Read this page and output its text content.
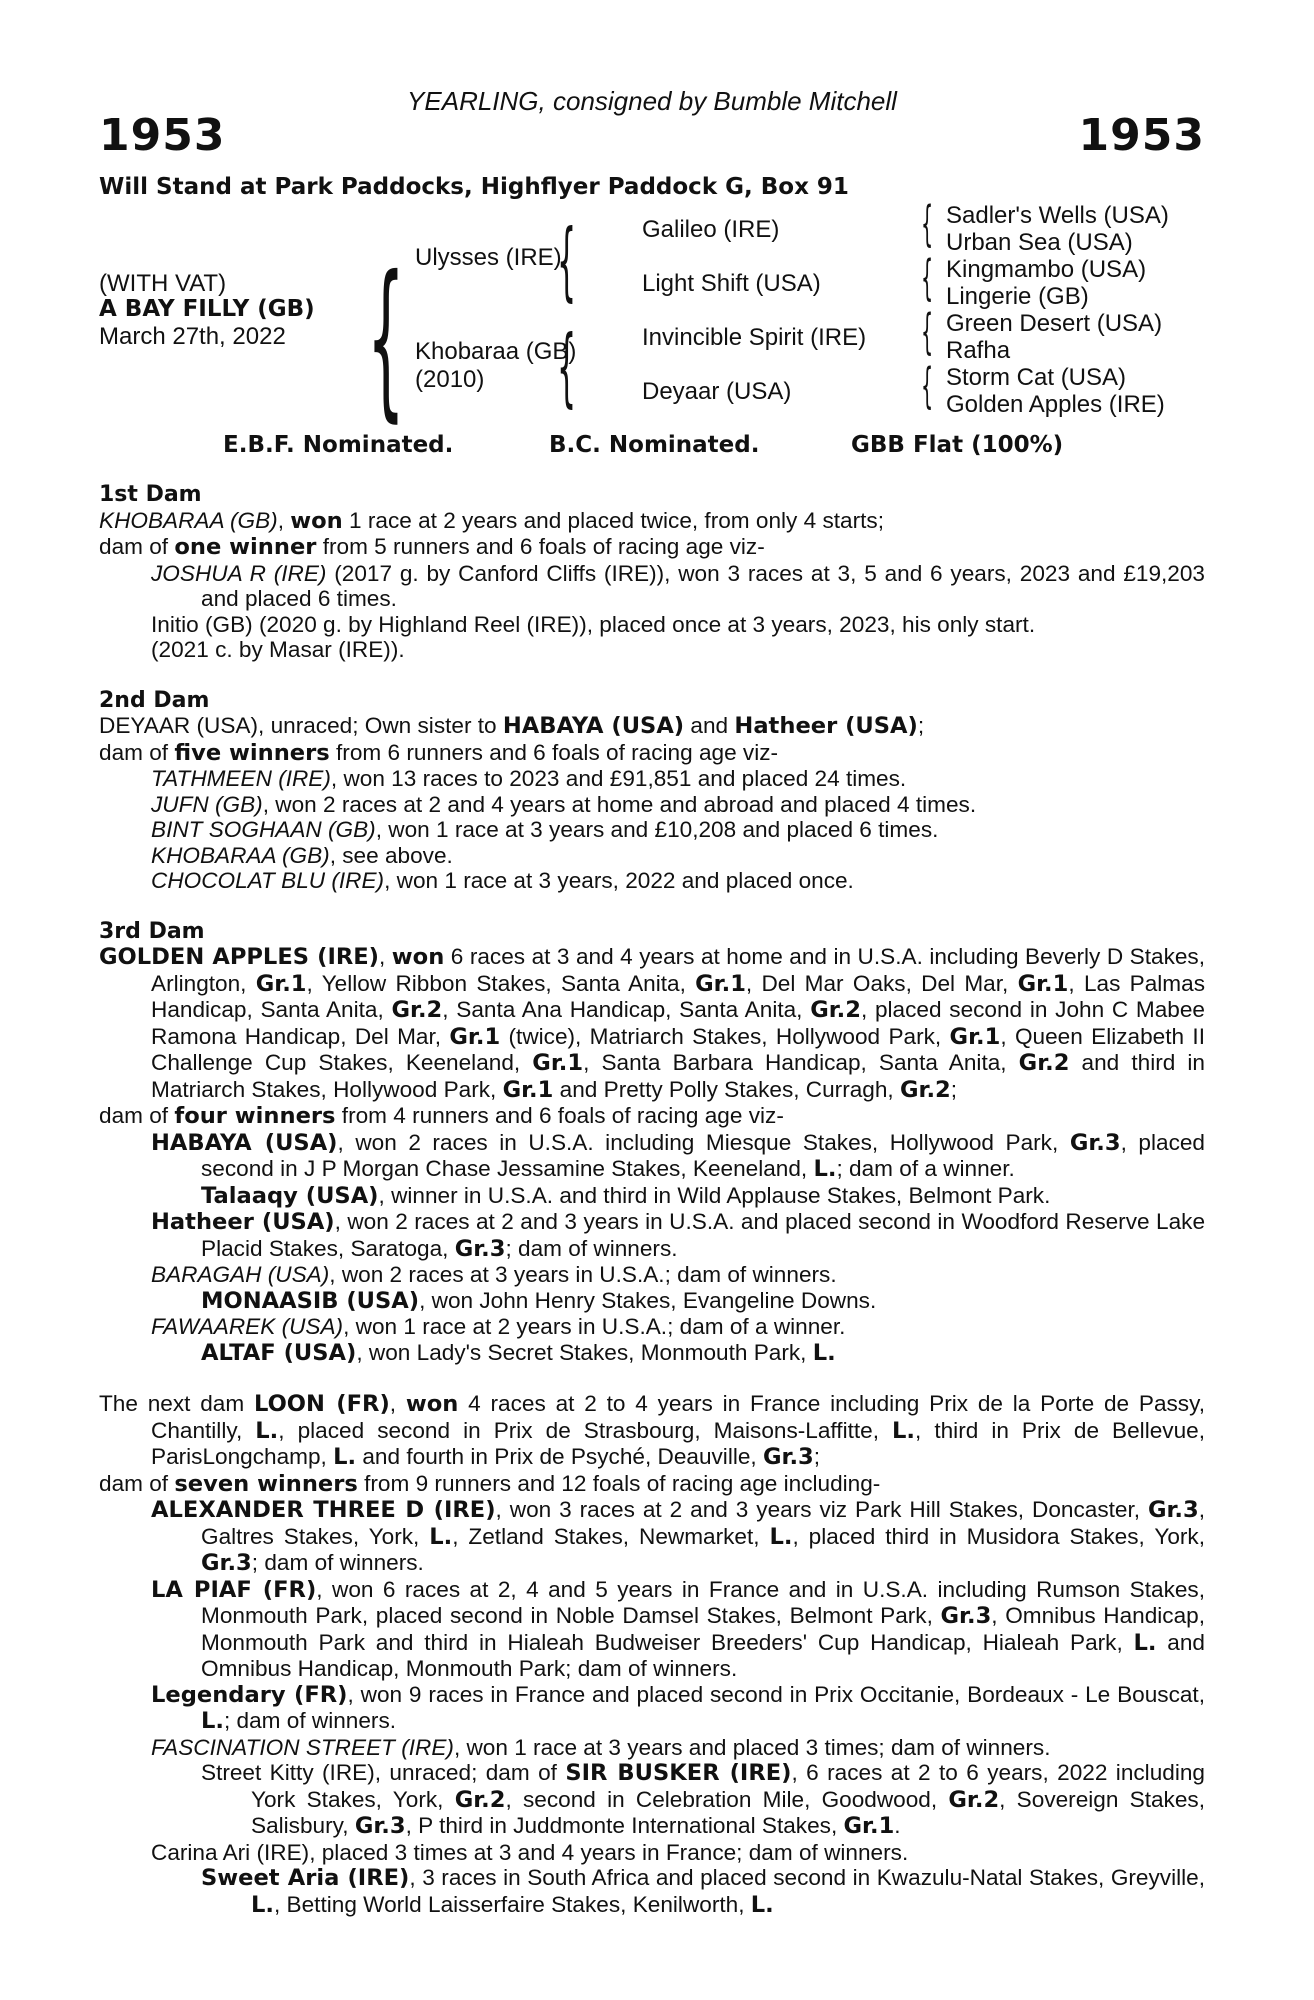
YEARLING, consigned by Bumble Mitchell
1953	1953
Will Stand at Park Paddocks, Highflyer Paddock G, Box 91
(WITH VAT)
A BAY FILLY (GB)
March 27th, 2022 { Ulysses (IRE)
Khobaraa (GB)
(2010)
{
{
Galileo (IRE)
Light Shift (USA)
Invincible Spirit (IRE)
Deyaar (USA)
{
{
{
{
Sadler's Wells (USA)
Urban Sea (USA)
Kingmambo (USA)
Lingerie (GB)
Green Desert (USA)
Rafha
Storm Cat (USA)
Golden Apples (IRE)
E.B.F. Nominated.	B.C. Nominated.	GBB Flat (100%)

1st Dam

KHOBARAA (GB), won 1 race at 2 years and placed twice, from only 4 starts;

dam of one winner from 5 runners and 6 foals of racing age viz-

JOSHUA R (IRE) (2017 g. by Canford Cliffs (IRE)), won 3 races at 3, 5 and 6 years, 2023 and £19,203 and placed 6 times.

Initio (GB) (2020 g. by Highland Reel (IRE)), placed once at 3 years, 2023, his only start.

(2021 c. by Masar (IRE)).

2nd Dam

DEYAAR (USA), unraced; Own sister to HABAYA (USA) and Hatheer (USA);

dam of five winners from 6 runners and 6 foals of racing age viz-

TATHMEEN (IRE), won 13 races to 2023 and £91,851 and placed 24 times.

JUFN (GB), won 2 races at 2 and 4 years at home and abroad and placed 4 times.

BINT SOGHAAN (GB), won 1 race at 3 years and £10,208 and placed 6 times.

KHOBARAA (GB), see above.

CHOCOLAT BLU (IRE), won 1 race at 3 years, 2022 and placed once.

3rd Dam

GOLDEN APPLES (IRE), won 6 races at 3 and 4 years at home and in U.S.A. including Beverly D Stakes, Arlington, Gr.1, Yellow Ribbon Stakes, Santa Anita, Gr.1, Del Mar Oaks, Del Mar, Gr.1, Las Palmas Handicap, Santa Anita, Gr.2, Santa Ana Handicap, Santa Anita, Gr.2, placed second in John C Mabee Ramona Handicap, Del Mar, Gr.1 (twice), Matriarch Stakes, Hollywood Park, Gr.1, Queen Elizabeth II Challenge Cup Stakes, Keeneland, Gr.1, Santa Barbara Handicap, Santa Anita, Gr.2 and third in Matriarch Stakes, Hollywood Park, Gr.1 and Pretty Polly Stakes, Curragh, Gr.2;

dam of four winners from 4 runners and 6 foals of racing age viz-

HABAYA (USA), won 2 races in U.S.A. including Miesque Stakes, Hollywood Park, Gr.3, placed second in J P Morgan Chase Jessamine Stakes, Keeneland, L.; dam of a winner.

Talaaqy (USA), winner in U.S.A. and third in Wild Applause Stakes, Belmont Park.

Hatheer (USA), won 2 races at 2 and 3 years in U.S.A. and placed second in Woodford Reserve Lake Placid Stakes, Saratoga, Gr.3; dam of winners.

BARAGAH (USA), won 2 races at 3 years in U.S.A.; dam of winners.

MONAASIB (USA), won John Henry Stakes, Evangeline Downs.

FAWAAREK (USA), won 1 race at 2 years in U.S.A.; dam of a winner.

ALTAF (USA), won Lady's Secret Stakes, Monmouth Park, L.

The next dam LOON (FR), won 4 races at 2 to 4 years in France including Prix de la Porte de Passy, Chantilly, L., placed second in Prix de Strasbourg, Maisons-Laffitte, L., third in Prix de Bellevue, ParisLongchamp, L. and fourth in Prix de Psyché, Deauville, Gr.3;

dam of seven winners from 9 runners and 12 foals of racing age including-

ALEXANDER THREE D (IRE), won 3 races at 2 and 3 years viz Park Hill Stakes, Doncaster, Gr.3, Galtres Stakes, York, L., Zetland Stakes, Newmarket, L., placed third in Musidora Stakes, York, Gr.3; dam of winners.

LA PIAF (FR), won 6 races at 2, 4 and 5 years in France and in U.S.A. including Rumson Stakes, Monmouth Park, placed second in Noble Damsel Stakes, Belmont Park, Gr.3, Omnibus Handicap, Monmouth Park and third in Hialeah Budweiser Breeders' Cup Handicap, Hialeah Park, L. and Omnibus Handicap, Monmouth Park; dam of winners.

Legendary (FR), won 9 races in France and placed second in Prix Occitanie, Bordeaux - Le Bouscat, L.; dam of winners.

FASCINATION STREET (IRE), won 1 race at 3 years and placed 3 times; dam of winners.

Street Kitty (IRE), unraced; dam of SIR BUSKER (IRE), 6 races at 2 to 6 years, 2022 including York Stakes, York, Gr.2, second in Celebration Mile, Goodwood, Gr.2, Sovereign Stakes, Salisbury, Gr.3, P third in Juddmonte International Stakes, Gr.1.

Carina Ari (IRE), placed 3 times at 3 and 4 years in France; dam of winners.

Sweet Aria (IRE), 3 races in South Africa and placed second in Kwazulu-Natal Stakes, Greyville, L., Betting World Laisserfaire Stakes, Kenilworth, L.
